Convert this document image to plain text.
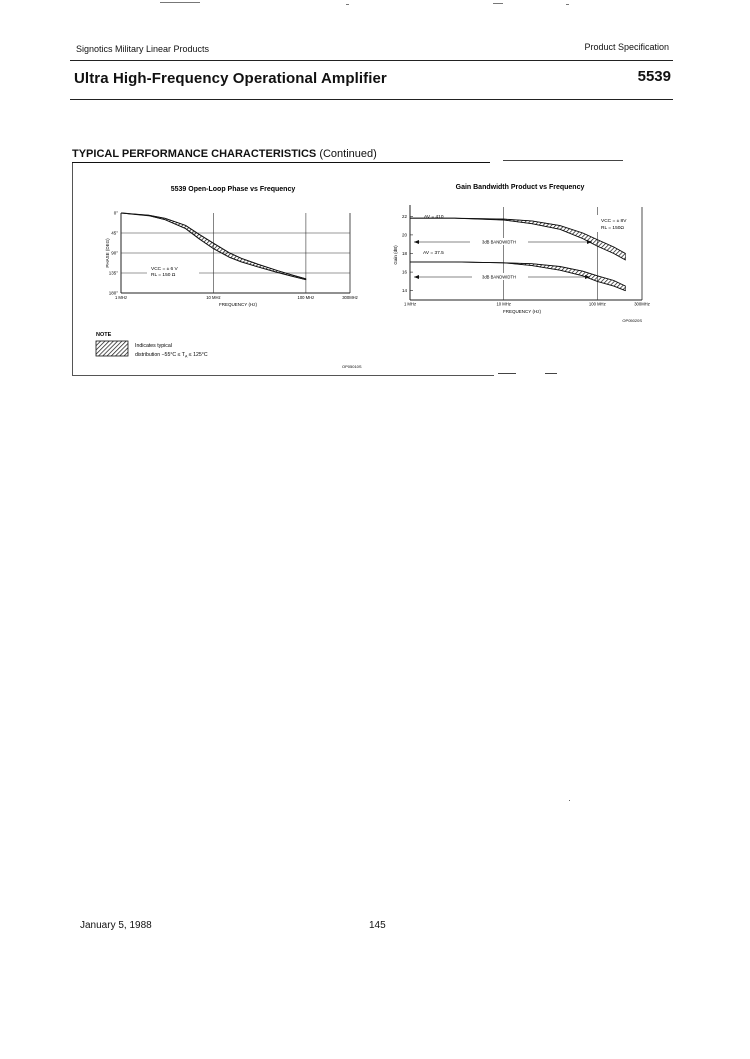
Signotics Military Linear Products	Product Specification
Ultra High-Frequency Operational Amplifier	5539
TYPICAL PERFORMANCE CHARACTERISTICS (Continued)
5539 Open-Loop Phase vs Frequency
0°
45°
90°
135°
180°
1 MHz	10 MHz	100 MHz	300MHz
VCC = ± 6 V
RL = 150 Ω
PHASE (DEG)
FREQUENCY (Hz)
Gain Bandwidth Product vs Frequency
22
20
18
16
14
1 MHz	10 MHz	100 MHz	300MHz
3dB BANDWIDTH
3dB BANDWIDTH
AV = 410
AV = 37.5
VCC = ± 8V
RL = 150Ω
Gain (dB)
FREQUENCY (Hz)
OP05020S
NOTE
Indicates typical
distribution $-55^\circ C \le T_A \le 125^\circ C$
OP05010S
January 5, 1988	145
